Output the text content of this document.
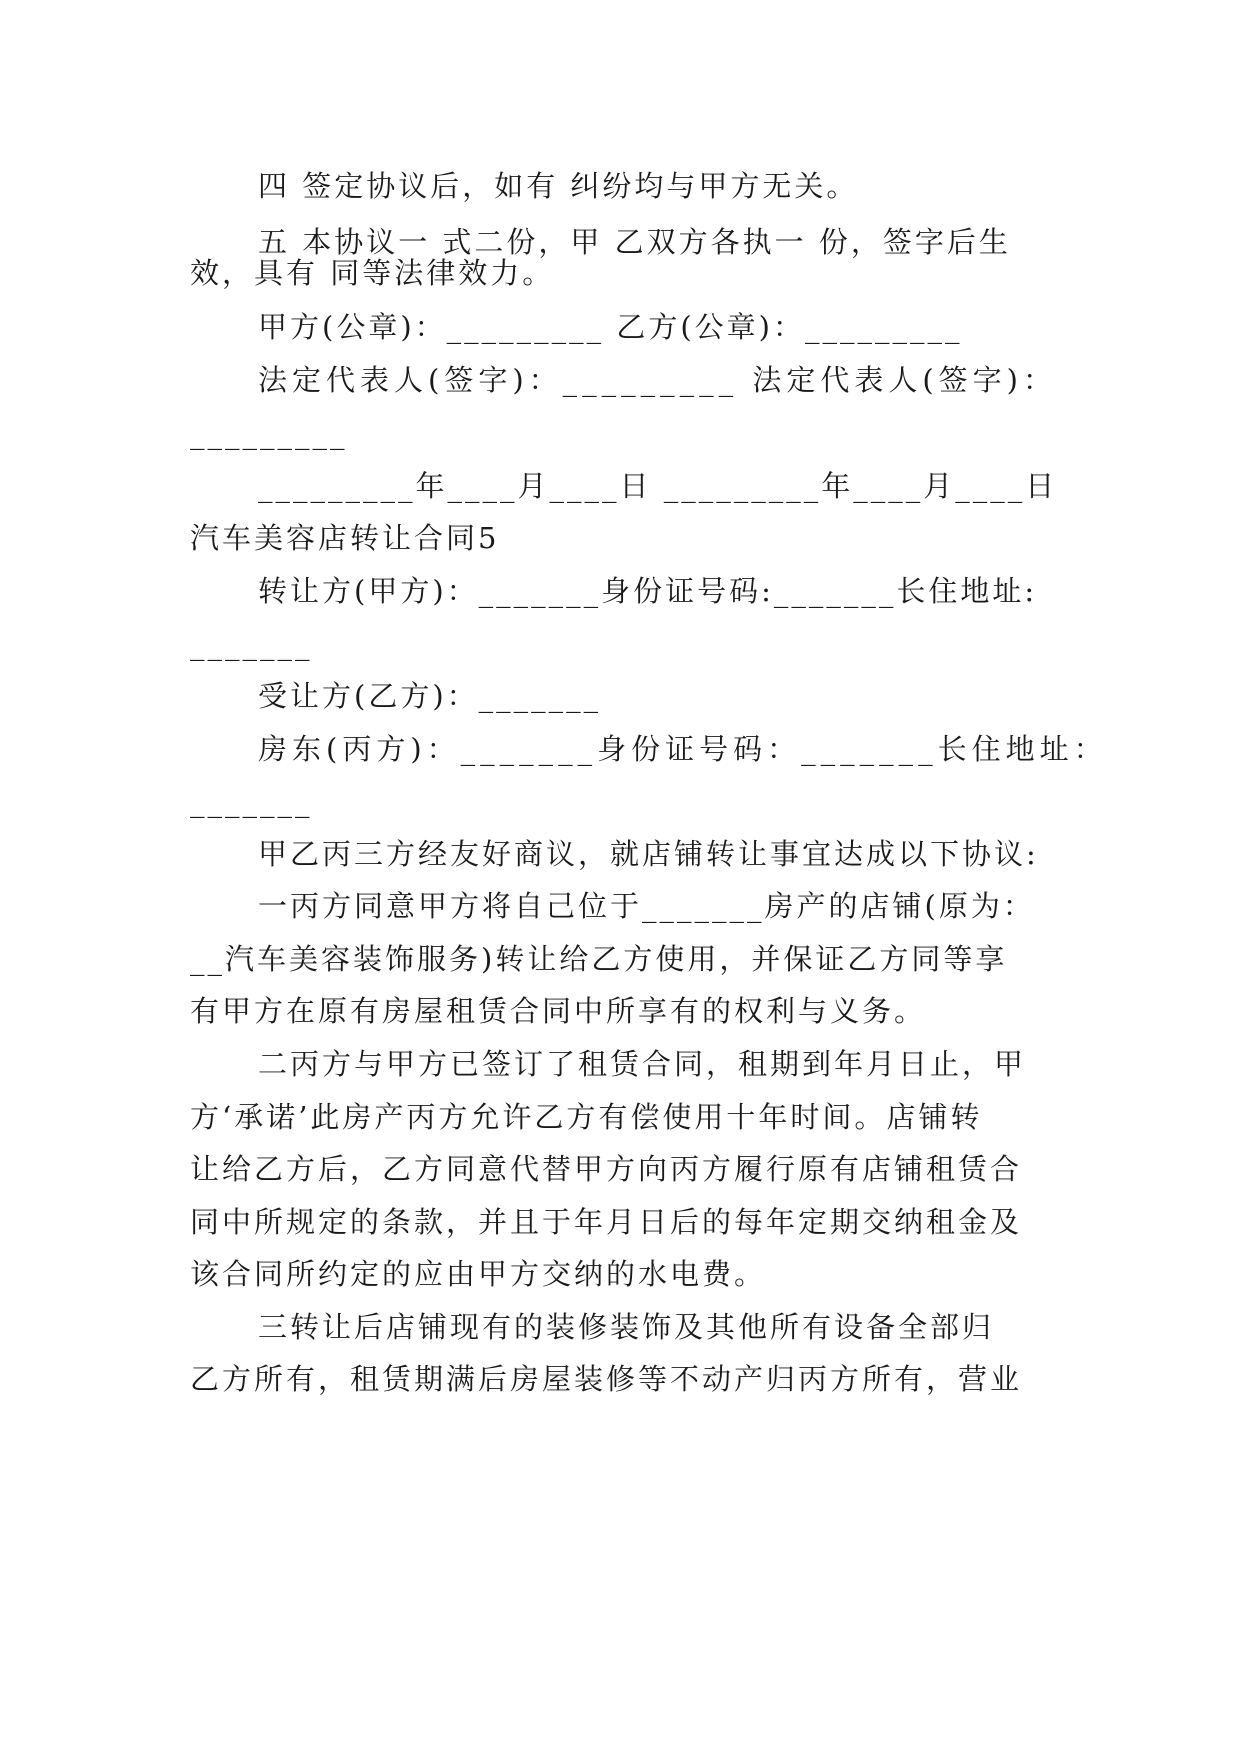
四 签定协议后，如有 纠纷均与甲方无关。
五 本协议一 式二份，甲 乙双方各执一 份，签字后生
效，具有 同等法律效力。
甲方(公章)：_________ 乙方(公章)：_________
法定代表人(签字)：_________ 法定代表人(签字)：
_________
_________年____月____日 _________年____月____日
汽车美容店转让合同5
转让方(甲方)：_______身份证号码:_______长住地址:
_______
受让方(乙方)：_______
房东(丙方)：_______身份证号码：_______长住地址：
_______
甲乙丙三方经友好商议，就店铺转让事宜达成以下协议:
一丙方同意甲方将自己位于_______房产的店铺(原为：
__汽车美容装饰服务)转让给乙方使用，并保证乙方同等享
有甲方在原有房屋租赁合同中所享有的权利与义务。
二丙方与甲方已签订了租赁合同，租期到年月日止，甲
方‘承诺’此房产丙方允许乙方有偿使用十年时间。店铺转
让给乙方后，乙方同意代替甲方向丙方履行原有店铺租赁合
同中所规定的条款，并且于年月日后的每年定期交纳租金及
该合同所约定的应由甲方交纳的水电费。
三转让后店铺现有的装修装饰及其他所有设备全部归
乙方所有，租赁期满后房屋装修等不动产归丙方所有，营业
